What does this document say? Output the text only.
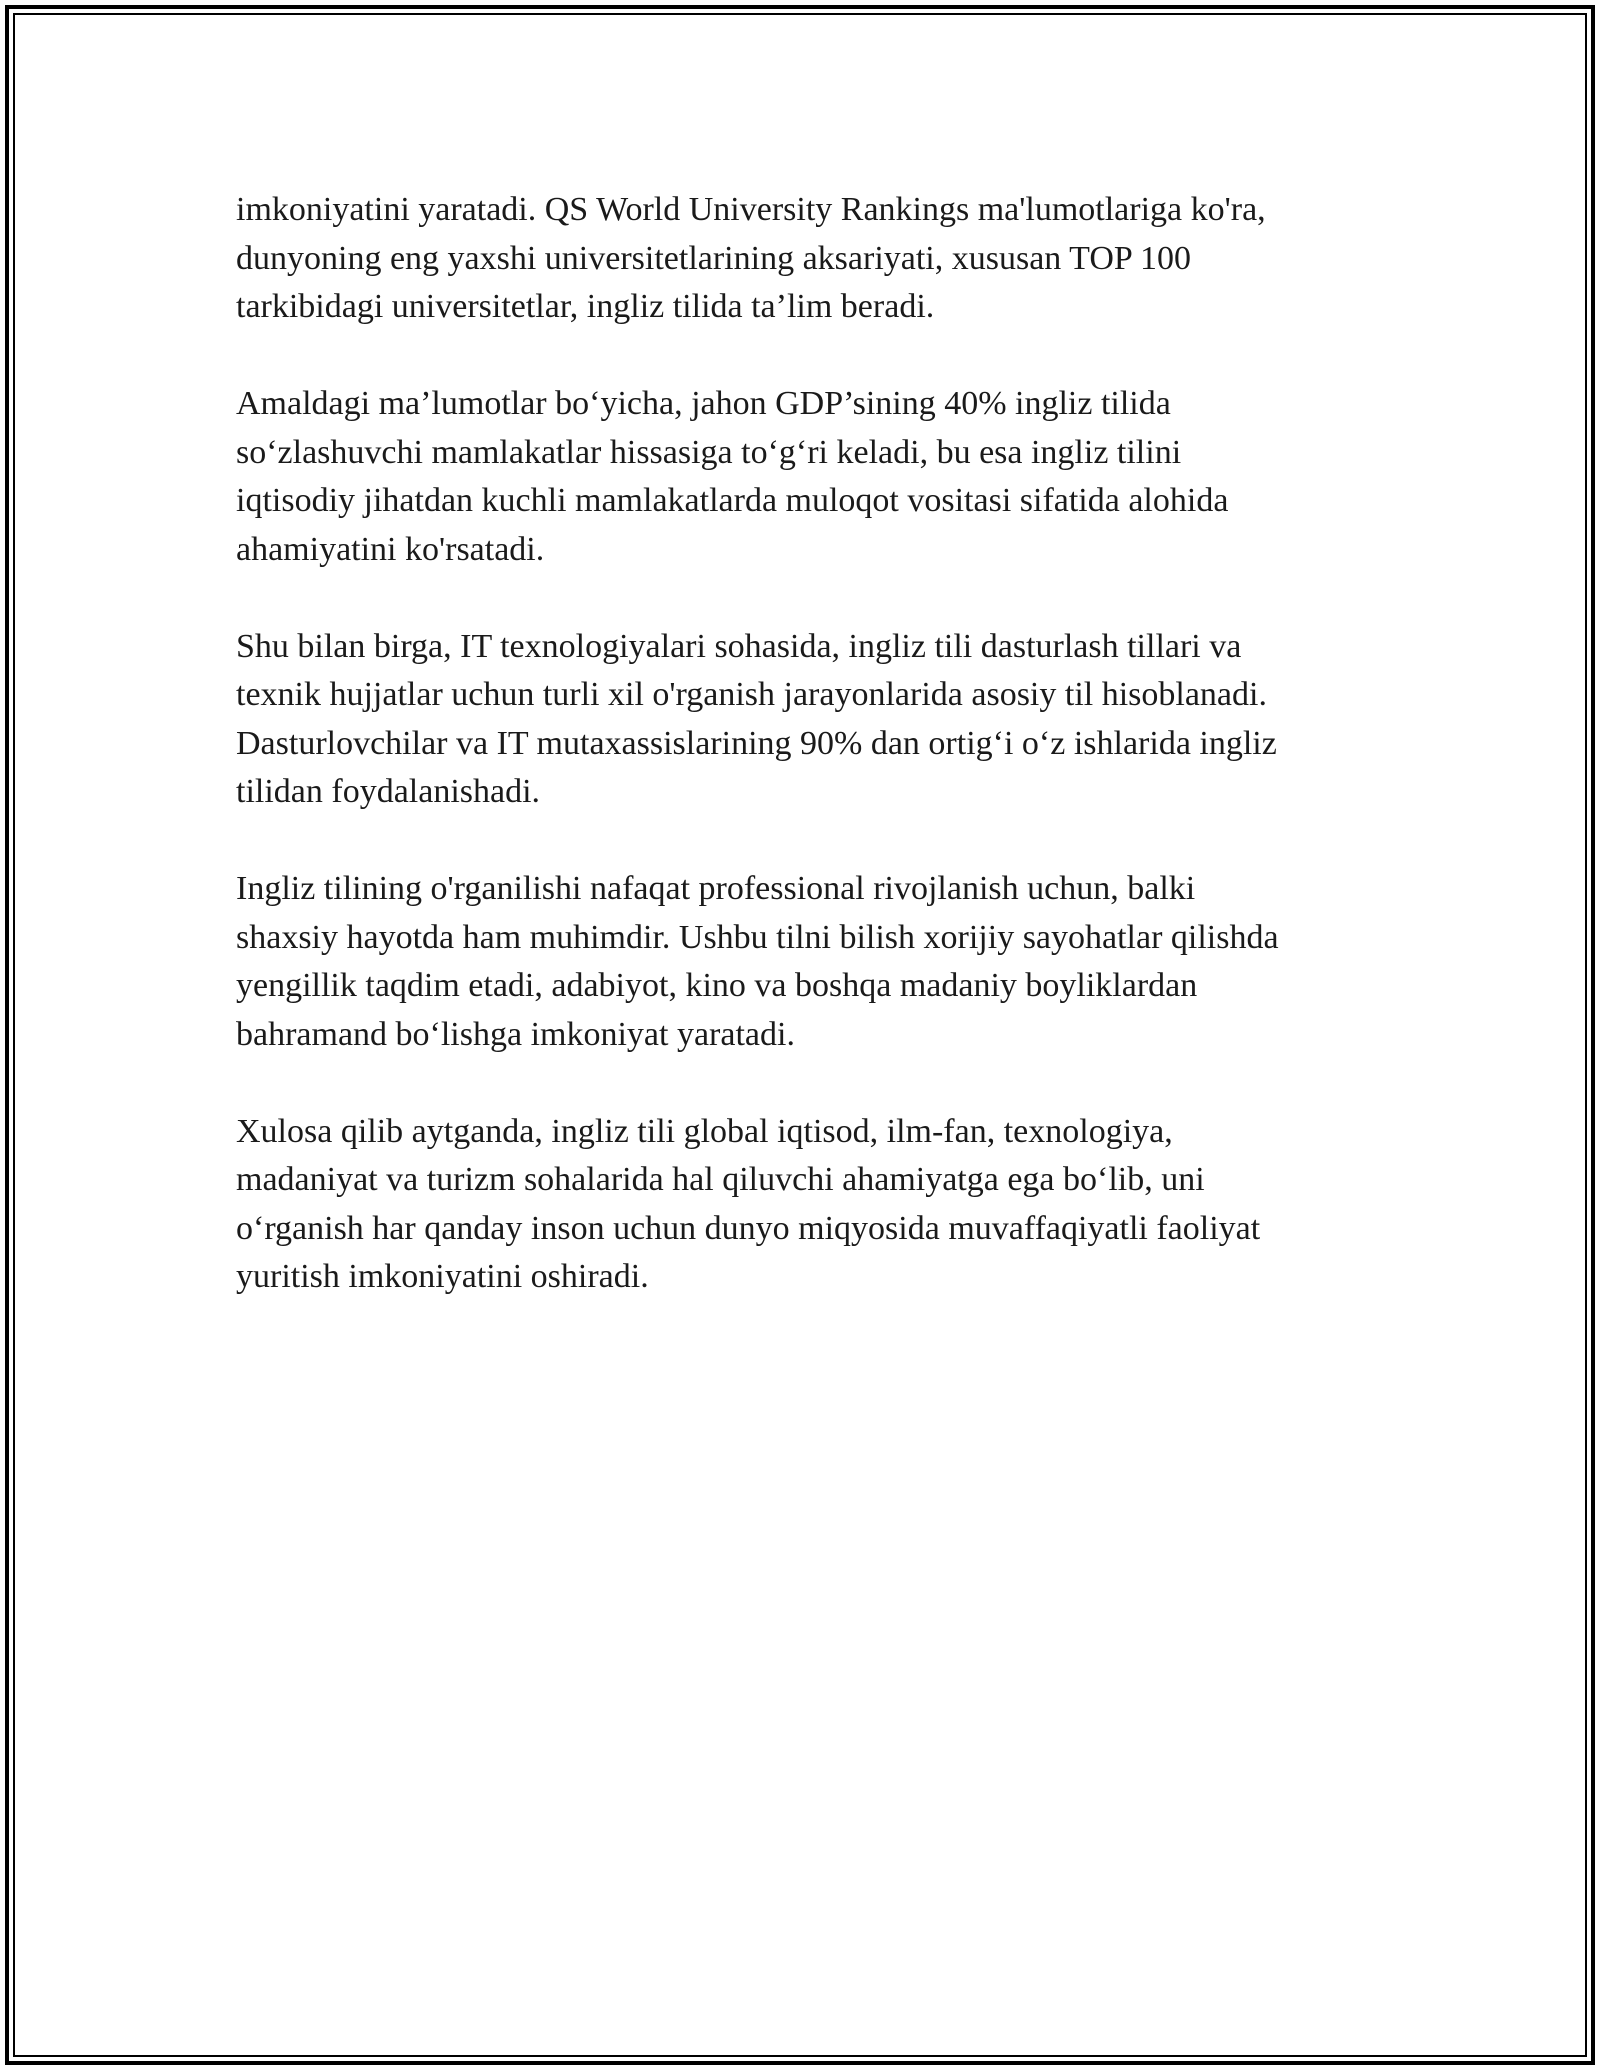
imkoniyatini yaratadi. QS World University Rankings ma'lumotlariga ko'ra,
dunyoning eng yaxshi universitetlarining aksariyati, xususan TOP 100
tarkibidagi universitetlar, ingliz tilida ta’lim beradi.

Amaldagi ma’lumotlar bo‘yicha, jahon GDP’sining 40% ingliz tilida
so‘zlashuvchi mamlakatlar hissasiga to‘g‘ri keladi, bu esa ingliz tilini
iqtisodiy jihatdan kuchli mamlakatlarda muloqot vositasi sifatida alohida
ahamiyatini ko'rsatadi.

Shu bilan birga, IT texnologiyalari sohasida, ingliz tili dasturlash tillari va
texnik hujjatlar uchun turli xil o'rganish jarayonlarida asosiy til hisoblanadi.
Dasturlovchilar va IT mutaxassislarining 90% dan ortig‘i o‘z ishlarida ingliz
tilidan foydalanishadi.

Ingliz tilining o'rganilishi nafaqat professional rivojlanish uchun, balki
shaxsiy hayotda ham muhimdir. Ushbu tilni bilish xorijiy sayohatlar qilishda
yengillik taqdim etadi, adabiyot, kino va boshqa madaniy boyliklardan
bahramand bo‘lishga imkoniyat yaratadi.

Xulosa qilib aytganda, ingliz tili global iqtisod, ilm-fan, texnologiya,
madaniyat va turizm sohalarida hal qiluvchi ahamiyatga ega bo‘lib, uni
o‘rganish har qanday inson uchun dunyo miqyosida muvaffaqiyatli faoliyat
yuritish imkoniyatini oshiradi.
